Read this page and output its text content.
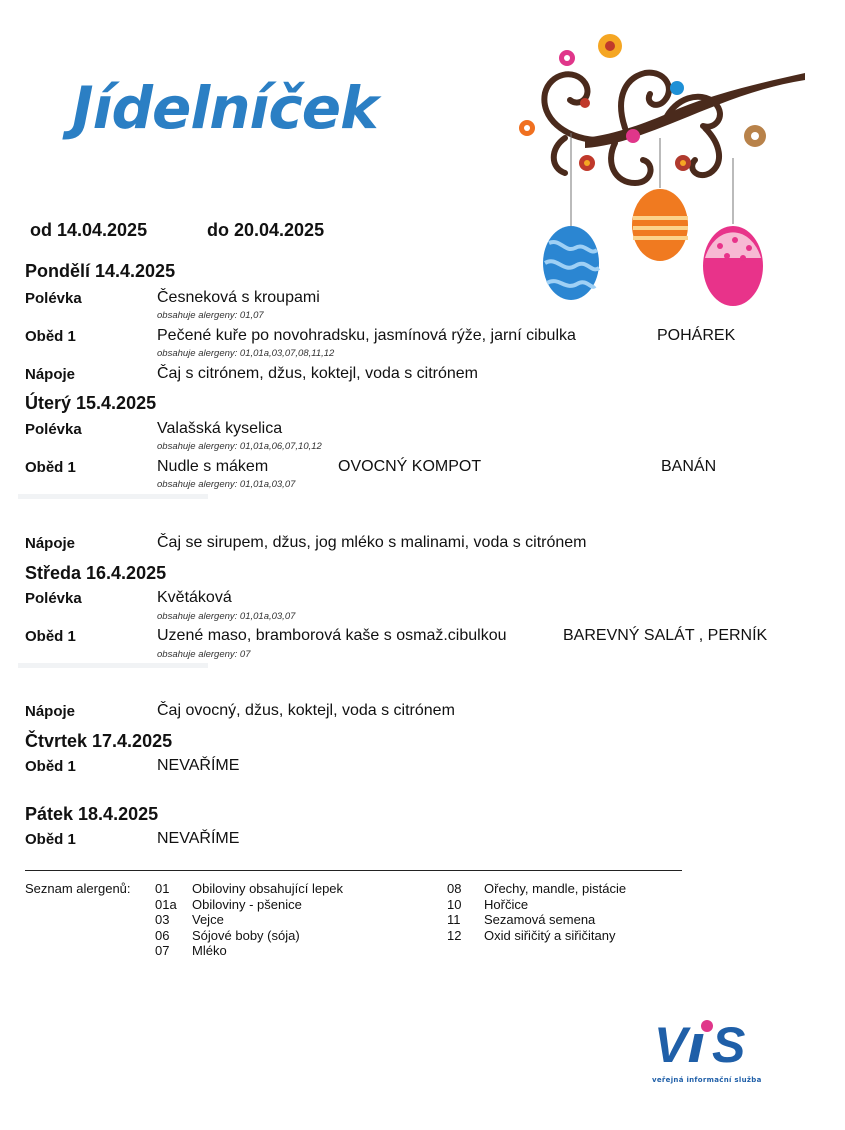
Jídelníček
od 14.04.2025	do 20.04.2025
Pondělí 14.4.2025
Polévka	Česneková s kroupami
obsahuje alergeny: 01,07
Oběd 1	Pečené kuře po novohradsku, jasmínová rýže, jarní cibulka	POHÁREK
obsahuje alergeny: 01,01a,03,07,08,11,12
Nápoje	Čaj s citrónem, džus, koktejl, voda s citrónem
Úterý 15.4.2025
Polévka	Valašská kyselica
obsahuje alergeny: 01,01a,06,07,10,12
Oběd 1	Nudle s mákem	OVOCNÝ KOMPOT	BANÁN
obsahuje alergeny: 01,01a,03,07
Nápoje	Čaj se sirupem, džus, jog mléko s malinami, voda s citrónem
Středa 16.4.2025
Polévka	Květáková
obsahuje alergeny: 01,01a,03,07
Oběd 1	Uzené maso, bramborová kaše s osmaž.cibulkou	BAREVNÝ SALÁT , PERNÍK
obsahuje alergeny: 07
Nápoje	Čaj ovocný, džus, koktejl, voda s citrónem
Čtvrtek 17.4.2025
Oběd 1	NEVAŘÍME
Pátek 18.4.2025
Oběd 1	NEVAŘÍME
Seznam alergenů: 01 Obiloviny obsahující lepek
01a Obiloviny - pšenice
03 Vejce
06 Sójové boby (sója)
07 Mléko
08 Ořechy, mandle, pistácie
10 Hořčice
11 Sezamová semena
12 Oxid siřičitý a siřičitany
V S
veřejná informační služba
